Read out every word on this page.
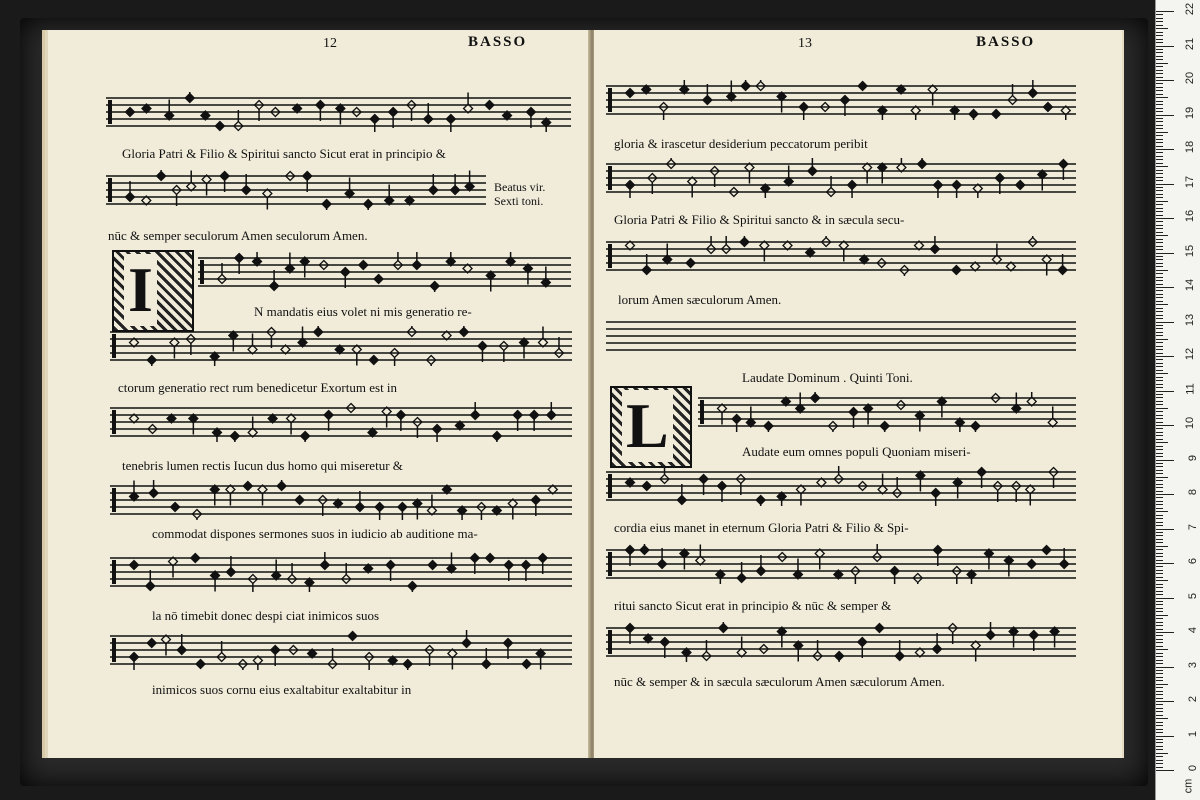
12	BASSO
Gloria Patri & Filio & Spiritui sancto Sicut erat in principio &
Beatus vir.
Sexti toni.
nūc & semper seculorum Amen seculorum Amen.
I	N mandatis eius volet ni mis generatio re-
ctorum generatio rect rum benedicetur Exortum est in
tenebris lumen rectis Iucun dus homo qui miseretur &
commodat dispones sermones suos in iudicio ab auditione ma-
la nō timebit donec despi ciat inimicos suos
inimicos suos cornu eius exaltabitur exaltabitur in
13	BASSO
gloria & irascetur desiderium peccatorum peribit
Gloria Patri & Filio & Spiritui sancto & in sæcula secu-
lorum Amen sæculorum Amen.
Laudate Dominum . Quinti Toni.
L	Audate eum omnes populi Quoniam miseri-
cordia eius manet in eternum Gloria Patri & Filio & Spi-
ritui sancto Sicut erat in principio & nūc & semper &
nūc & semper & in sæcula sæculorum Amen sæculorum Amen.
0
1
2
3
4
5
6
7
8
9
10
11
12
13
14
15
16
17
18
19
20
21
22
cm
